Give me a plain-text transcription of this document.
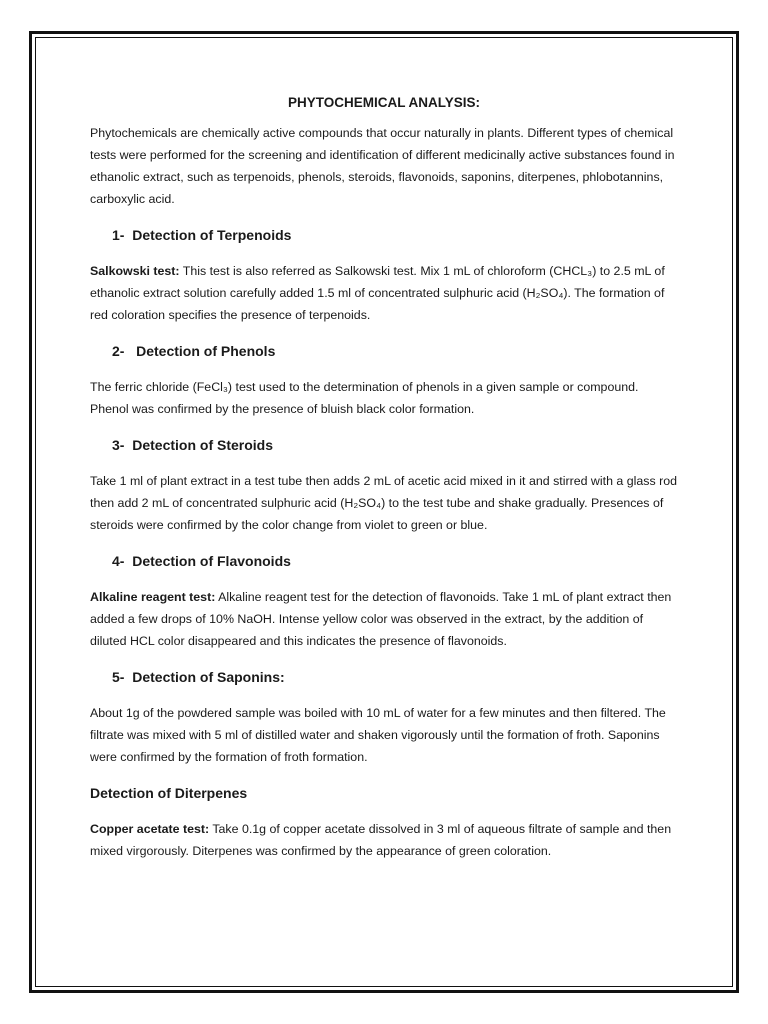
PHYTOCHEMICAL ANALYSIS:

Phytochemicals are chemically active compounds that occur naturally in plants. Different types of chemical tests were performed for the screening and identification of different medicinally active substances found in ethanolic extract, such as terpenoids, phenols, steroids, flavonoids, saponins, diterpenes, phlobotannins, carboxylic acid.

1-  Detection of Terpenoids

Salkowski test: This test is also referred as Salkowski test. Mix 1 mL of chloroform (CHCL₃) to 2.5 mL of ethanolic extract solution carefully added 1.5 ml of concentrated sulphuric acid (H₂SO₄). The formation of red coloration specifies the presence of terpenoids.

2-   Detection of Phenols

The ferric chloride (FeCl₃) test used to the determination of phenols in a given sample or compound. Phenol was confirmed by the presence of bluish black color formation.

3-  Detection of Steroids

Take 1 ml of plant extract in a test tube then adds 2 mL of acetic acid mixed in it and stirred with a glass rod then add 2 mL of concentrated sulphuric acid (H₂SO₄) to the test tube and shake gradually. Presences of steroids were confirmed by the color change from violet to green or blue.

4-  Detection of Flavonoids

Alkaline reagent test: Alkaline reagent test for the detection of flavonoids. Take 1 mL of plant extract then added a few drops of 10% NaOH. Intense yellow color was observed in the extract, by the addition of diluted HCL color disappeared and this indicates the presence of flavonoids.

5-  Detection of Saponins:

About 1g of the powdered sample was boiled with 10 mL of water for a few minutes and then filtered. The filtrate was mixed with 5 ml of distilled water and shaken vigorously until the formation of froth. Saponins were confirmed by the formation of froth formation.

Detection of Diterpenes

Copper acetate test: Take 0.1g of copper acetate dissolved in 3 ml of aqueous filtrate of sample and then mixed virgorously. Diterpenes was confirmed by the appearance of green coloration.
